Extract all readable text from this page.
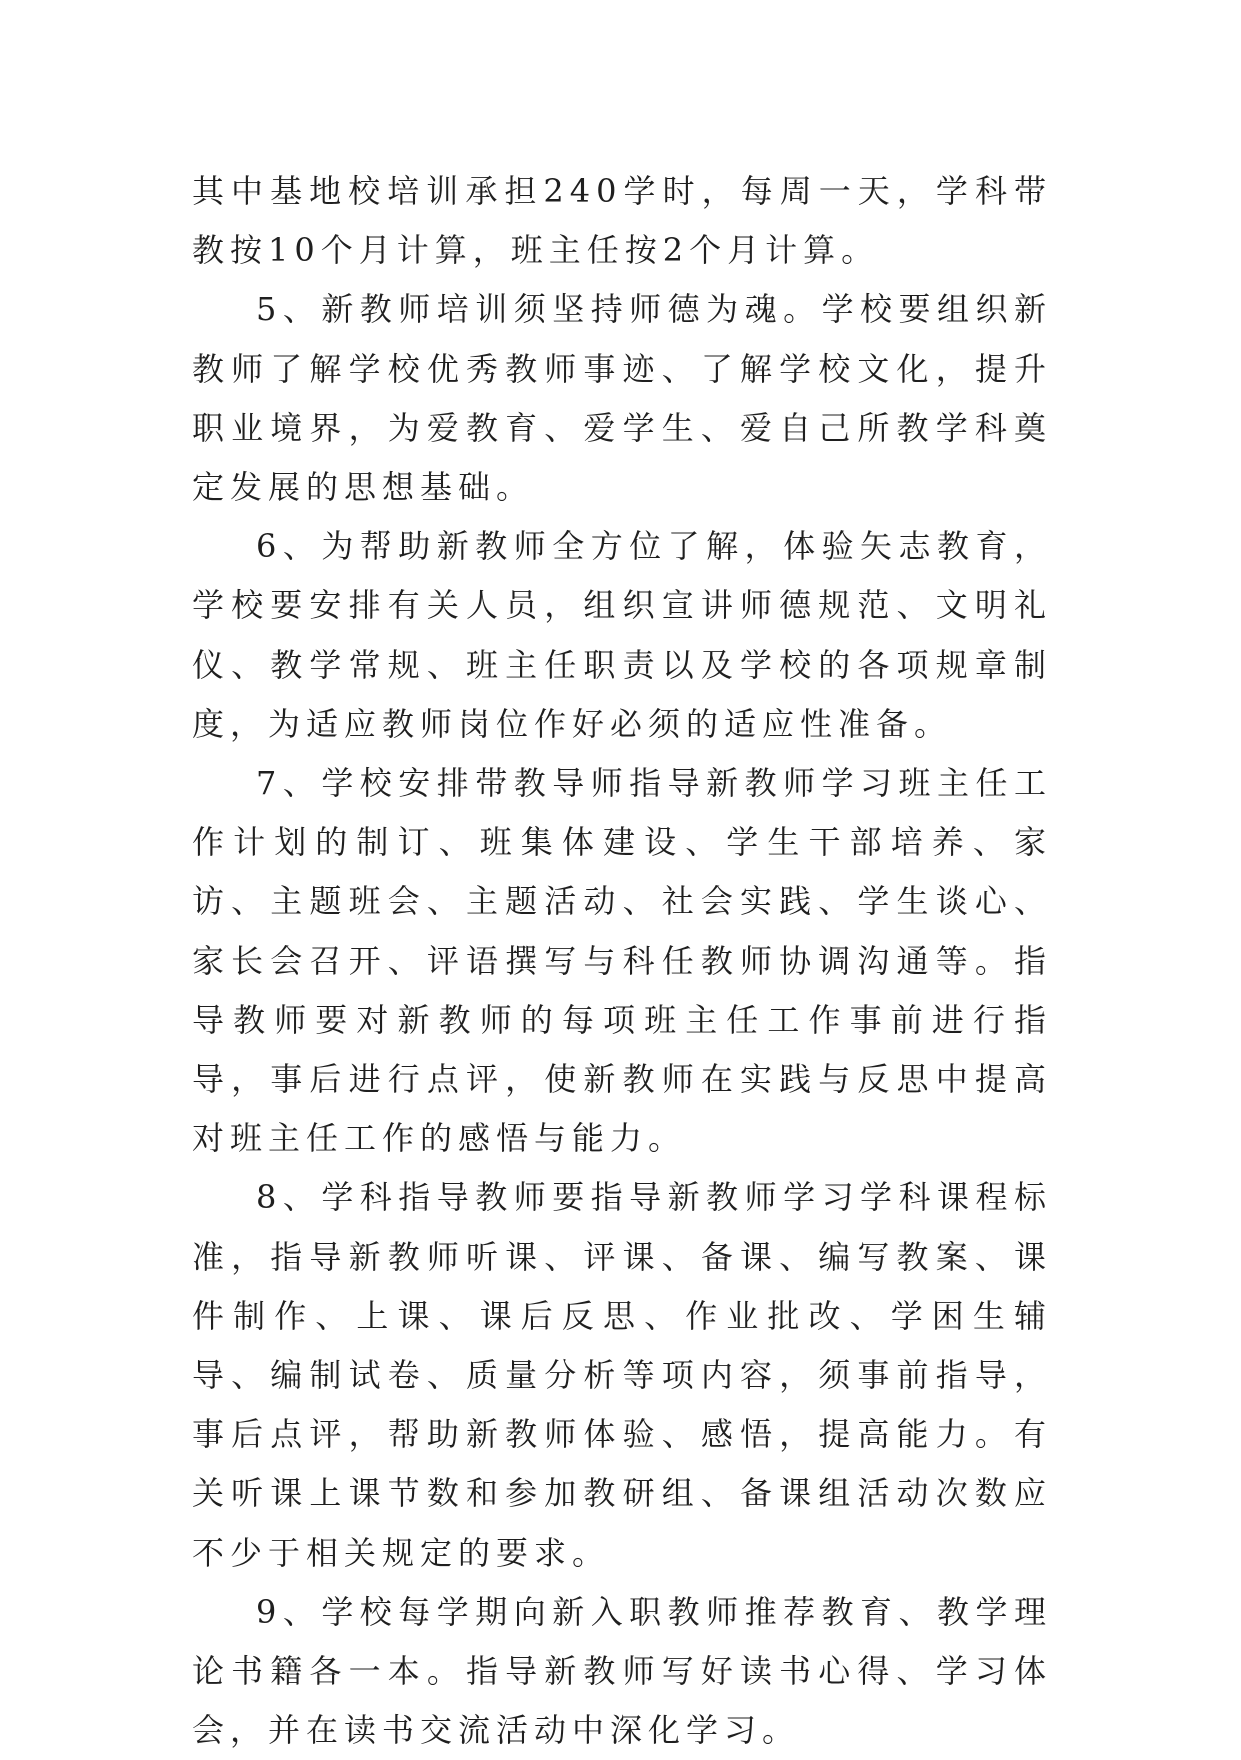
其中基地校培训承担240学时，每周一天，学科带教按10个月计算，班主任按2个月计算。

5、新教师培训须坚持师德为魂。学校要组织新教师了解学校优秀教师事迹、了解学校文化，提升职业境界，为爱教育、爱学生、爱自己所教学科奠定发展的思想基础。

6、为帮助新教师全方位了解，体验矢志教育，学校要安排有关人员，组织宣讲师德规范、文明礼仪、教学常规、班主任职责以及学校的各项规章制度，为适应教师岗位作好必须的适应性准备。

7、学校安排带教导师指导新教师学习班主任工作计划的制订、班集体建设、学生干部培养、家访、主题班会、主题活动、社会实践、学生谈心、家长会召开、评语撰写与科任教师协调沟通等。指导教师要对新教师的每项班主任工作事前进行指导，事后进行点评，使新教师在实践与反思中提高对班主任工作的感悟与能力。

8、学科指导教师要指导新教师学习学科课程标准，指导新教师听课、评课、备课、编写教案、课件制作、上课、课后反思、作业批改、学困生辅导、编制试卷、质量分析等项内容，须事前指导，事后点评，帮助新教师体验、感悟，提高能力。有关听课上课节数和参加教研组、备课组活动次数应不少于相关规定的要求。

9、学校每学期向新入职教师推荐教育、教学理论书籍各一本。指导新教师写好读书心得、学习体会，并在读书交流活动中深化学习。
